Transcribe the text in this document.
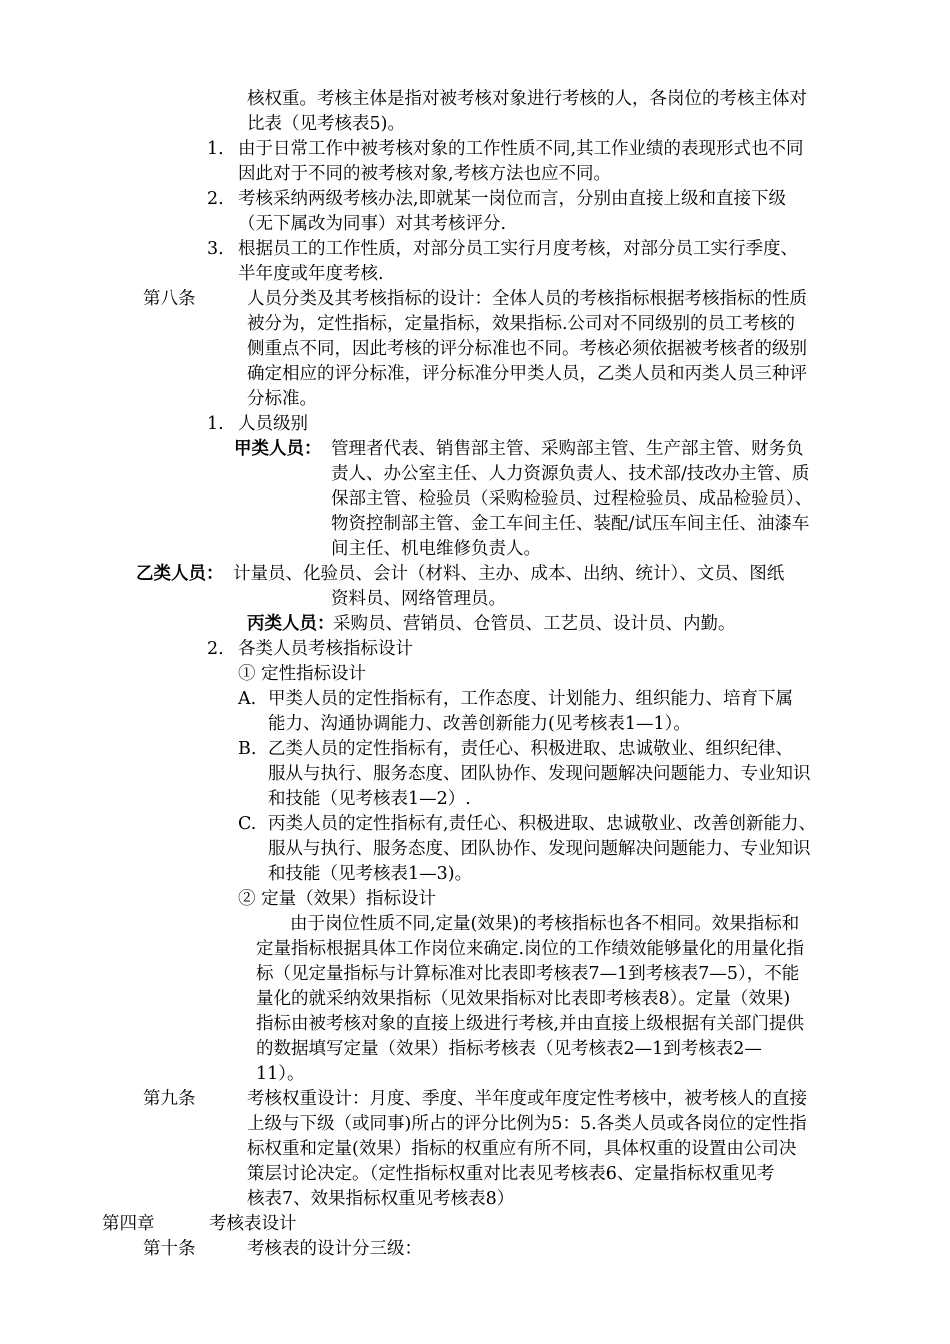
核权重。考核主体是指对被考核对象进行考核的人，各岗位的考核主体对
比表（见考核表5)。
1. 由于日常工作中被考核对象的工作性质不同,其工作业绩的表现形式也不同
因此对于不同的被考核对象,考核方法也应不同。
2. 考核采纳两级考核办法,即就某一岗位而言，分别由直接上级和直接下级
（无下属改为同事）对其考核评分.
3. 根据员工的工作性质，对部分员工实行月度考核，对部分员工实行季度、
半年度或年度考核.
第八条	人员分类及其考核指标的设计：全体人员的考核指标根据考核指标的性质
被分为，定性指标，定量指标，效果指标.公司对不同级别的员工考核的
侧重点不同，因此考核的评分标准也不同。考核必须依据被考核者的级别
确定相应的评分标准，评分标准分甲类人员，乙类人员和丙类人员三种评
分标准。
1. 人员级别
甲类人员： 管理者代表、销售部主管、采购部主管、生产部主管、财务负
责人、办公室主任、人力资源负责人、技术部/技改办主管、质
保部主管、检验员（采购检验员、过程检验员、成品检验员）、
物资控制部主管、金工车间主任、装配/试压车间主任、油漆车
间主任、机电维修负责人。
乙类人员： 计量员、化验员、会计（材料、主办、成本、出纳、统计）、文员、图纸
资料员、网络管理员。
丙类人员：
采购员、营销员、仓管员、工艺员、设计员、内勤。
2. 各类人员考核指标设计
① 定性指标设计
A. 甲类人员的定性指标有，工作态度、计划能力、组织能力、培育下属
能力、沟通协调能力、改善创新能力(见考核表1—1）。
B. 乙类人员的定性指标有，责任心、积极进取、忠诚敬业、组织纪律、
服从与执行、服务态度、团队协作、发现问题解决问题能力、专业知识
和技能（见考核表1—2）.
C. 丙类人员的定性指标有,责任心、积极进取、忠诚敬业、改善创新能力、
服从与执行、服务态度、团队协作、发现问题解决问题能力、专业知识
和技能（见考核表1—3)。
② 定量（效果）指标设计
由于岗位性质不同,定量(效果)的考核指标也各不相同。效果指标和
定量指标根据具体工作岗位来确定.岗位的工作绩效能够量化的用量化指
标（见定量指标与计算标准对比表即考核表7—1到考核表7—5），不能
量化的就采纳效果指标（见效果指标对比表即考核表8）。定量（效果)
指标由被考核对象的直接上级进行考核,并由直接上级根据有关部门提供
的数据填写定量（效果）指标考核表（见考核表2—1到考核表2—
11）。
第九条	考核权重设计：月度、季度、半年度或年度定性考核中，被考核人的直接
上级与下级（或同事)所占的评分比例为5：5.各类人员或各岗位的定性指
标权重和定量(效果）指标的权重应有所不同，具体权重的设置由公司决
策层讨论决定。（定性指标权重对比表见考核表6、定量指标权重见考
核表7、效果指标权重见考核表8）
第四章	考核表设计
第十条	考核表的设计分三级：
